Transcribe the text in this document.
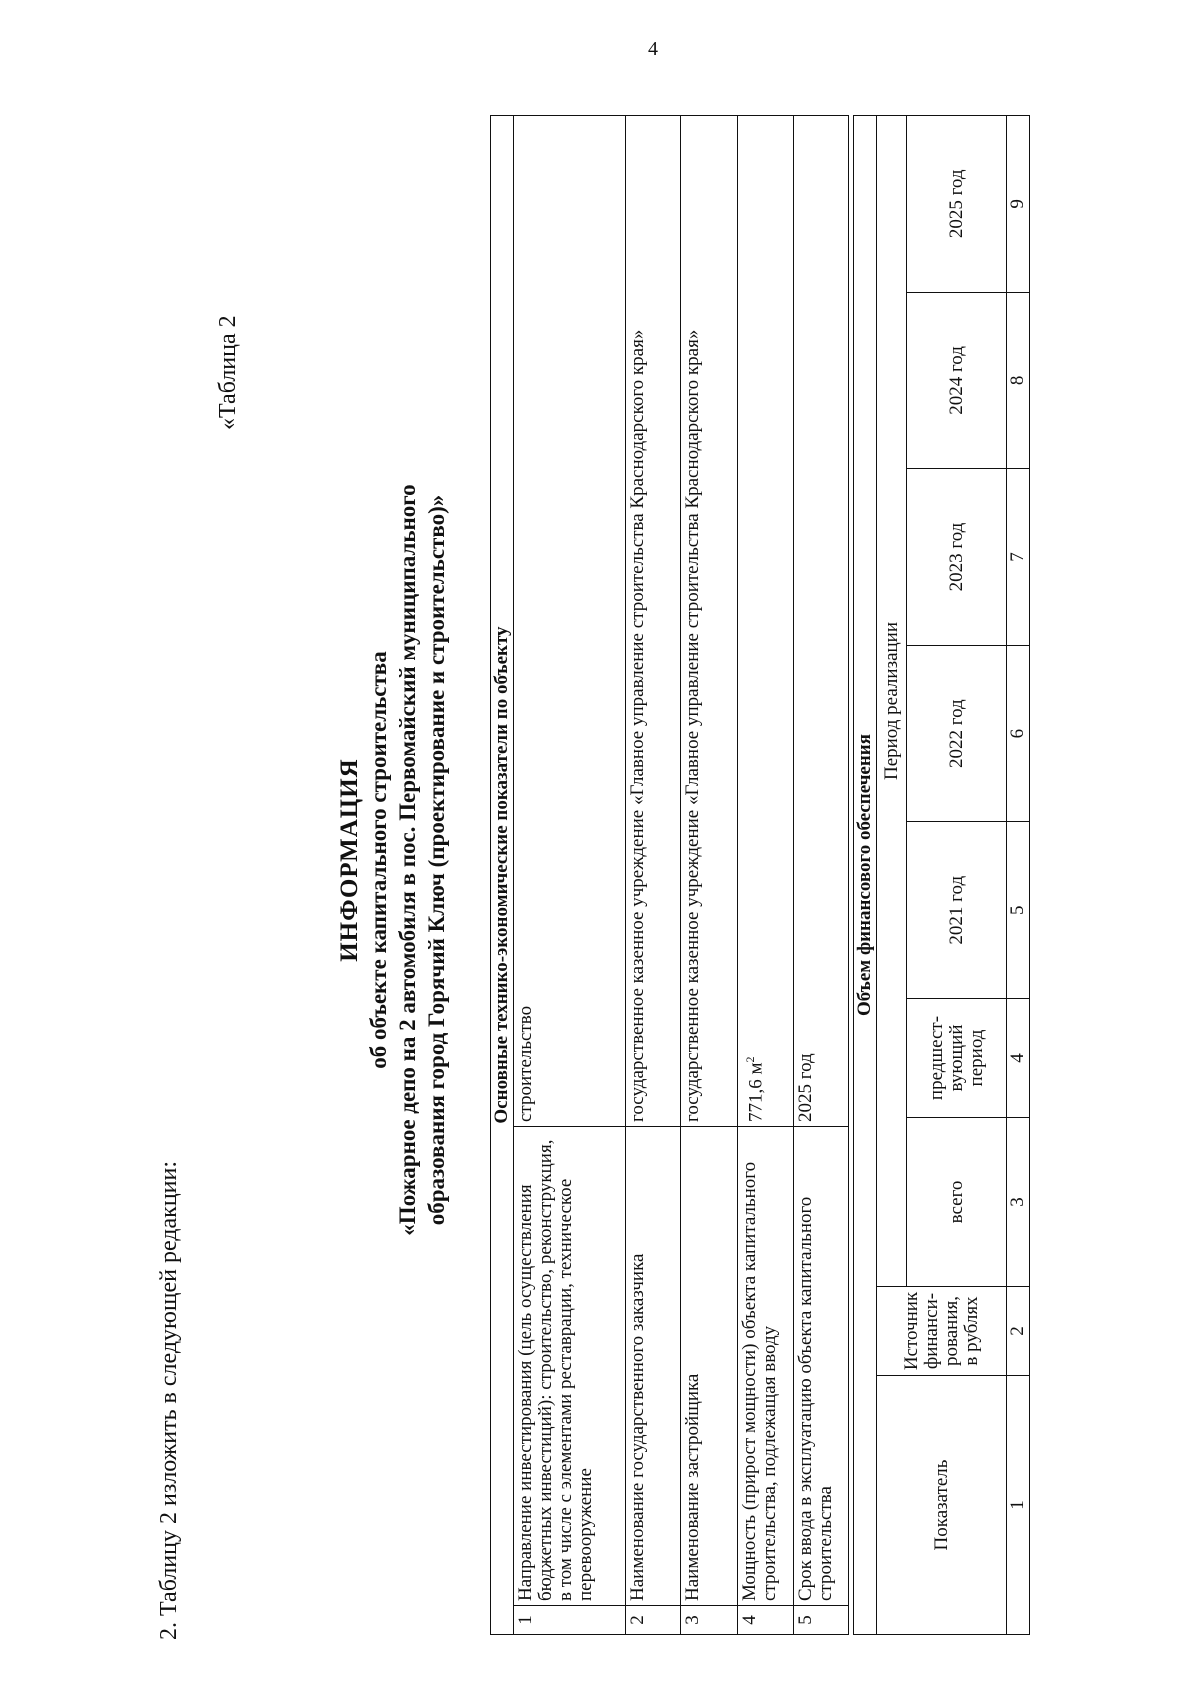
4
2. Таблицу 2 изложить в следующей редакции:
«Таблица 2
ИНФОРМАЦИЯ об объекте капитального строительства «Пожарное депо на 2 автомобиля в пос. Первомайский муниципального образования город Горячий Ключ (проектирование и строительство)» Основные технико-экономические показатели по объекту		
1	Направление инвестирования (цель осуществления бюджетных инвестиций): строительство, реконструкция, в том числе с элементами реставрации, техническое перевооружение	строительство
2	Наименование государственного заказчика	государственное казенное учреждение «Главное управление строительства Краснодарского края»
3	Наименование застройщика	государственное казенное учреждение «Главное управление строительства Краснодарского края»
4	Мощность (прирост мощности) объекта капитального строительства, подлежащая вводу	771,6 $м^2$
5	Срок ввода в эксплуатацию объекта капитального строительства	2025 год
Объем финансового обеспечения								
Показатель	Источник финанси-рования, в рублях	Период реализации						
		всего	предшест-вующий период	2021 год	2022 год	2023 год	2024 год	2025 год
1	2	3	4	5	6	7	8	9
